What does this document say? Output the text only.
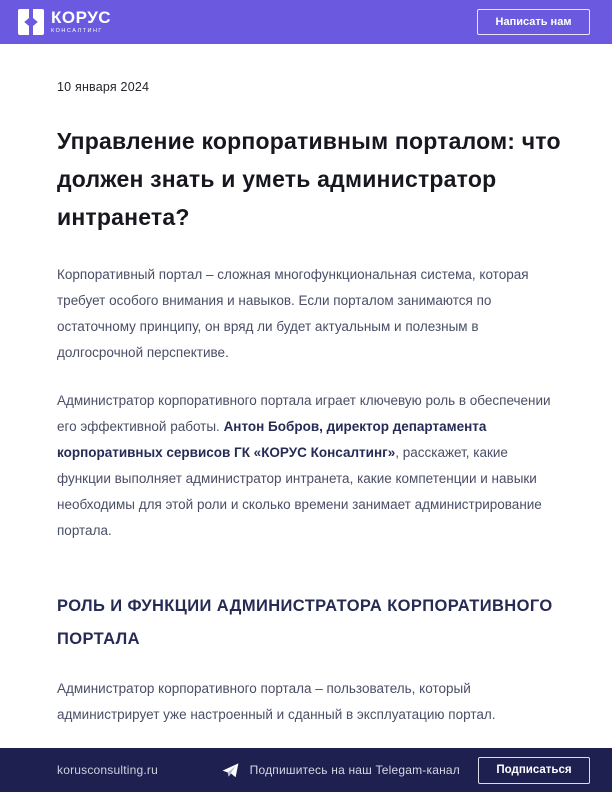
КОРУС
КОНСАЛТИНГ
Написать нам
10 января 2024
Управление корпоративным порталом: что должен знать и уметь администратор интранета?

Корпоративный портал – сложная многофункциональная система, которая требует особого внимания и навыков. Если порталом занимаются по остаточному принципу, он вряд ли будет актуальным и полезным в долгосрочной перспективе.

Администратор корпоративного портала играет ключевую роль в обеспечении его эффективной работы. Антон Бобров, директор департамента корпоративных сервисов ГК «КОРУС Консалтинг», расскажет, какие функции выполняет администратор интранета, какие компетенции и навыки необходимы для этой роли и сколько времени занимает администрирование портала.

РОЛЬ И ФУНКЦИИ АДМИНИСТРАТОРА КОРПОРАТИВНОГО ПОРТАЛА

Администратор корпоративного портала – пользователь, который администрирует уже настроенный и сданный в эксплуатацию портал.

korusconsulting.ru	Подпишитесь на наш Telegam-канал	Подписаться
